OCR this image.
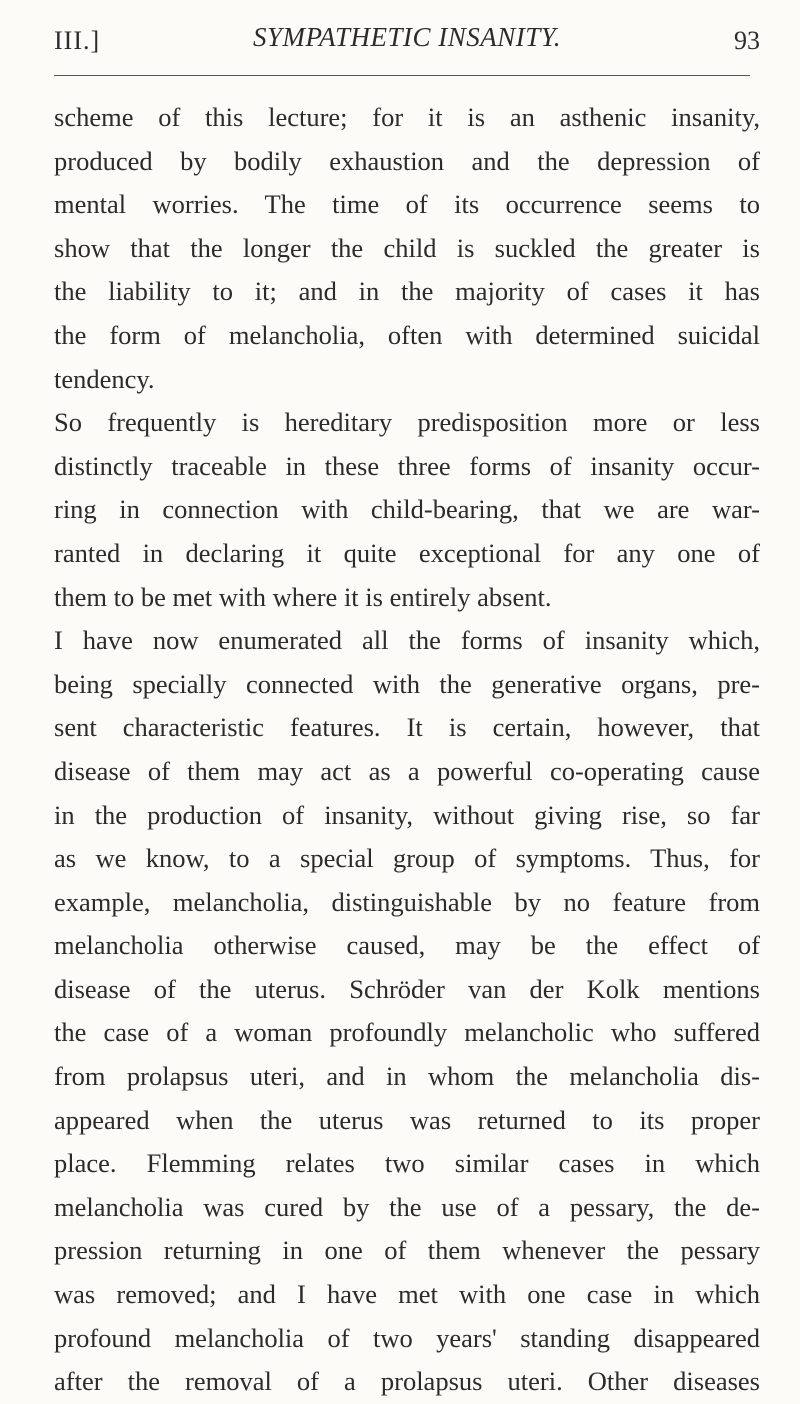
III.]	SYMPATHETIC INSANITY.	93
scheme of this lecture; for it is an asthenic insanity,
produced by bodily exhaustion and the depression of
mental worries. The time of its occurrence seems to
show that the longer the child is suckled the greater is
the liability to it; and in the majority of cases it has
the form of melancholia, often with determined suicidal
tendency.
So frequently is hereditary predisposition more or less
distinctly traceable in these three forms of insanity occur-
ring in connection with child-bearing, that we are war-
ranted in declaring it quite exceptional for any one of
them to be met with where it is entirely absent.
I have now enumerated all the forms of insanity which,
being specially connected with the generative organs, pre-
sent characteristic features. It is certain, however, that
disease of them may act as a powerful co-operating cause
in the production of insanity, without giving rise, so far
as we know, to a special group of symptoms. Thus, for
example, melancholia, distinguishable by no feature from
melancholia otherwise caused, may be the effect of
disease of the uterus. Schröder van der Kolk mentions
the case of a woman profoundly melancholic who suffered
from prolapsus uteri, and in whom the melancholia dis-
appeared when the uterus was returned to its proper
place. Flemming relates two similar cases in which
melancholia was cured by the use of a pessary, the de-
pression returning in one of them whenever the pessary
was removed; and I have met with one case in which
profound melancholia of two years' standing disappeared
after the removal of a prolapsus uteri. Other diseases
